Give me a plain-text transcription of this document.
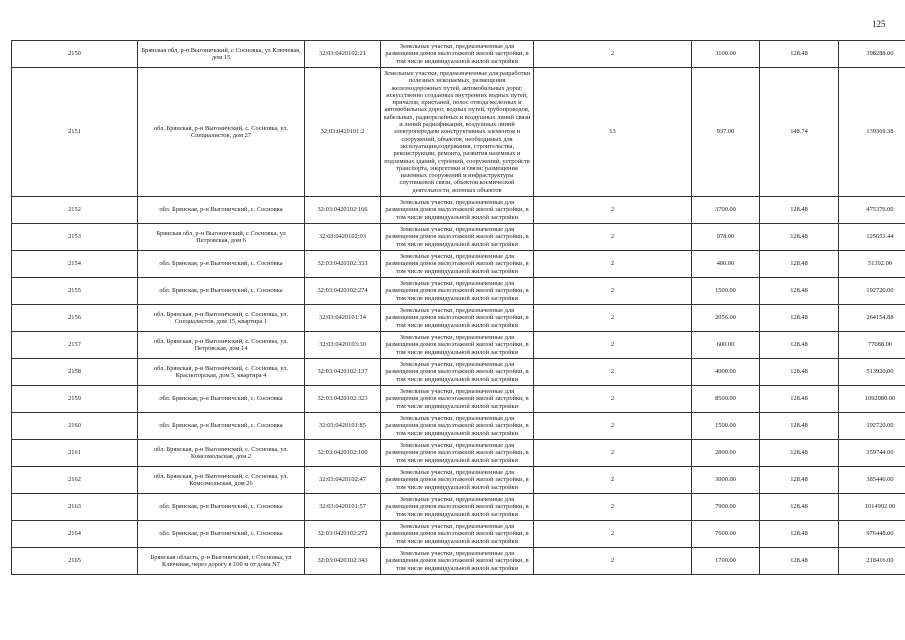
125
2150	Брянская обл, р-н Выгоничский, с Сосновка, ул Ключевая, дом 15	32:03:0420102:21	Земельные участки, предназначенные для размещения домов малоэтажной жилой застройки, в том числе индивидуальной жилой застройки	2	3100.00	128.48	398288.00
2151	обл. Брянская, р-н Выгоничский, с. Сосновка, ул. Специалистов, дом 27	32:03:0420101:2	Земельные участки, предназначенные для разработки полезных ископаемых, размещения железнодорожных путей, автомобильных дорог, искусственно созданных внутренних водных путей, причалов, пристаней, полос отвода железных и автомобильных дорог, водных путей, трубопроводов, кабельных, радиорелейных и воздушных линий связи и линий радиофикации, воздушных линий электропередачи конструктивных элементов и сооружений, объектов, необходимых для эксплуатации,содержания, строительства, реконструкции, ремонта, развития наземных и подземных зданий, строений, сооружений, устройств транспорта, энергетики и связи; размещения наземных сооружений и инфраструктуры спутниковой связи, объектов космической деятельности, военных объектов	13	937.00	148.74	139369.38
2152	обл. Брянская, р-н Выгоничский, с. Сосновка	32:03:0420102:166	Земельные участки, предназначенные для размещения домов малоэтажной жилой застройки, в том числе индивидуальной жилой застройки	2	3700.00	128.48	475376.00
2153	Брянская обл, р-н Выгоничский, с Сосновка, ул Петровская, дом 6	32:03:0420102:93	Земельные участки, предназначенные для размещения домов малоэтажной жилой застройки, в том числе индивидуальной жилой застройки	2	978.00	128.48	125653.44
2154	обл. Брянская, р-н Выгоничский, с. Сосновка	32:03:0420102:333	Земельные участки, предназначенные для размещения домов малоэтажной жилой застройки, в том числе индивидуальной жилой застройки	2	400.00	128.48	51392.00
2155	обл. Брянская, р-н Выгоничский, с. Сосновка	32:03:0420102:274	Земельные участки, предназначенные для размещения домов малоэтажной жилой застройки, в том числе индивидуальной жилой застройки	2	1500.00	128.48	192720.00
2156	обл. Брянская, р-н Выгоничский, с. Сосновка, ул. Специалистов, дом 15, квартира 1	32:03:0420101:14	Земельные участки, предназначенные для размещения домов малоэтажной жилой застройки, в том числе индивидуальной жилой застройки	2	2056.00	128.48	264154.88
2157	обл. Брянская, р-н Выгоничский, с. Сосновка, ул. Петровская, дом 14	32:03:0420103:30	Земельные участки, предназначенные для размещения домов малоэтажной жилой застройки, в том числе индивидуальной жилой застройки	2	600.00	128.48	77088.00
2158	обл. Брянская, р-н Выгоничский, с. Сосновка, ул. Красногорская, дом 5, квартира 4	32:03:0420102:137	Земельные участки, предназначенные для размещения домов малоэтажной жилой застройки, в том числе индивидуальной жилой застройки	2	4000.00	128.48	513920.00
2159	обл. Брянская, р-н Выгоничский, с. Сосновка	32:03:0420102:323	Земельные участки, предназначенные для размещения домов малоэтажной жилой застройки, в том числе индивидуальной жилой застройки	2	8500.00	128.48	1092080.00
2160	обл. Брянская, р-н Выгоничский, с. Сосновка	32:03:0420101:85	Земельные участки, предназначенные для размещения домов малоэтажной жилой застройки, в том числе индивидуальной жилой застройки	2	1500.00	128.48	192720.00
2161	обл. Брянская, р-н Выгоничский, с. Сосновка, ул. Комсомольская, дом 2	32:03:0420102:100	Земельные участки, предназначенные для размещения домов малоэтажной жилой застройки, в том числе индивидуальной жилой застройки	2	2800.00	128.48	359744.00
2162	обл. Брянская, р-н Выгоничский, с. Сосновка, ул. Комсомольская, дом 26	32:03:0420102:47	Земельные участки, предназначенные для размещения домов малоэтажной жилой застройки, в том числе индивидуальной жилой застройки	2	3000.00	128.48	385440.00
2163	обл. Брянская, р-н Выгоничский, с. Сосновка	32:03:0420101:57	Земельные участки, предназначенные для размещения домов малоэтажной жилой застройки, в том числе индивидуальной жилой застройки	2	7900.00	128.48	1014992.00
2164	обл. Брянская, р-н Выгоничский, с. Сосновка	32:03:0420102:272	Земельные участки, предназначенные для размещения домов малоэтажной жилой застройки, в том числе индивидуальной жилой застройки	2	7600.00	128.48	976448.00
2165	Брянская область, р-н Выгоничский, с Сосновка, ул Ключевая, через дорогу в 100 м от дома N7	32:03:0420102:343	Земельные участки, предназначенные для размещения домов малоэтажной жилой застройки, в том числе индивидуальной жилой застройки	2	1700.00	128.48	218416.00
